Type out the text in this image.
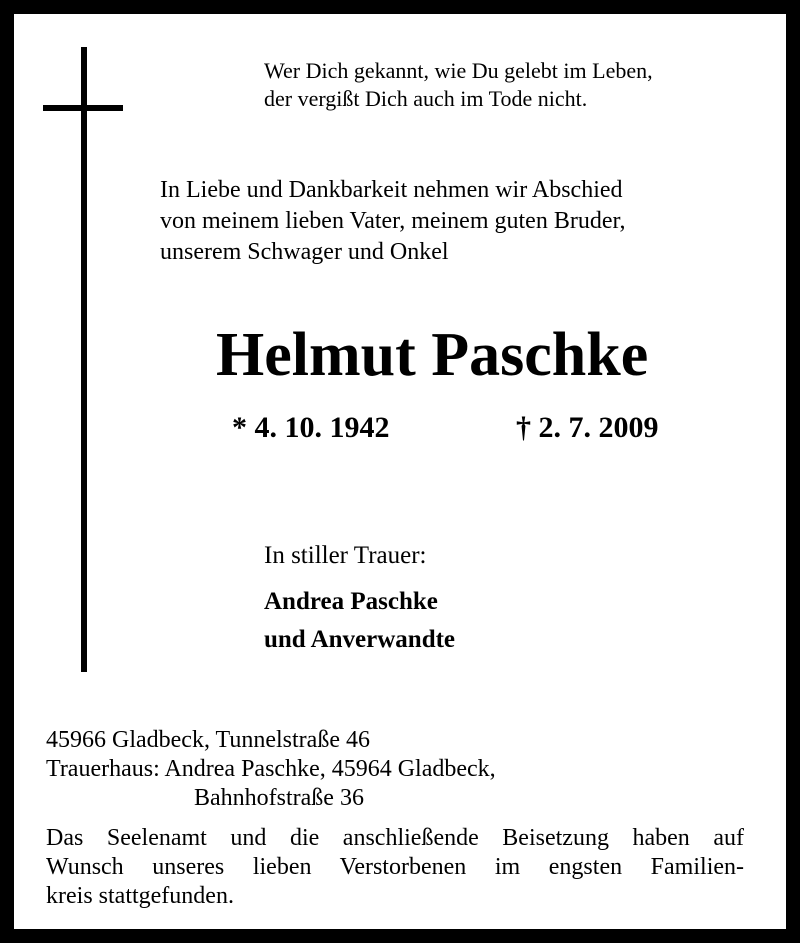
Wer Dich gekannt, wie Du gelebt im Leben,
der vergißt Dich auch im Tode nicht.
In Liebe und Dankbarkeit nehmen wir Abschied
von meinem lieben Vater, meinem guten Bruder,
unserem Schwager und Onkel
Helmut Paschke
* 4. 10. 1942	† 2. 7. 2009
In stiller Trauer:
Andrea Paschke
und Anverwandte
45966 Gladbeck, Tunnelstraße 46
Trauerhaus: Andrea Paschke, 45964 Gladbeck,
Bahnhofstraße 36
Das Seelenamt und die anschließende Beisetzung haben auf
Wunsch unseres lieben Verstorbenen im engsten Familien-
kreis stattgefunden.
